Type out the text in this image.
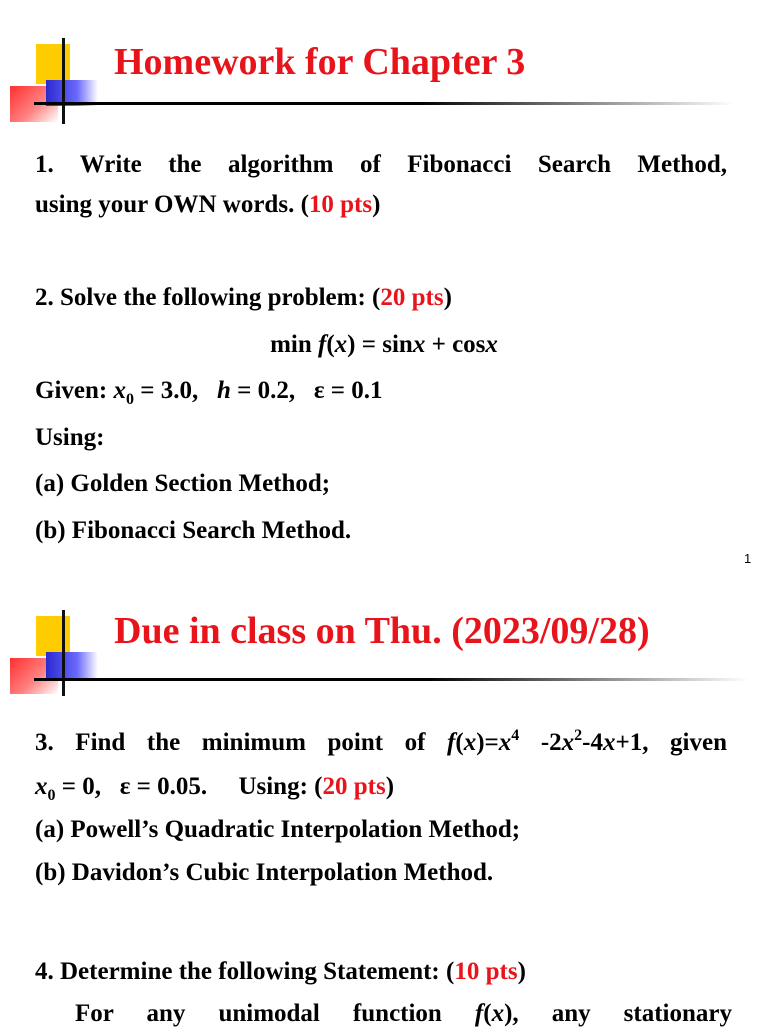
Homework for Chapter 3
1. Write the algorithm of Fibonacci Search Method,
using your OWN words. (10 pts)
2. Solve the following problem: (20 pts)
min f(x) = sinx + cosx
Given: $x_0 = 3.0$, h = 0.2, ε = 0.1
Using:
(a) Golden Section Method;
(b) Fibonacci Search Method.
1
Due in class on Thu. (2023/09/28)
3. Find the minimum point of $f(x)=x^4$ $-2x^2-4x+1$, given
$x_0 = 0$, ε = 0.05. Using: (20 pts)
(a) Powell’s Quadratic Interpolation Method;
(b) Davidon’s Cubic Interpolation Method.
4. Determine the following Statement: (10 pts)
For any unimodal function f(x), any stationary
